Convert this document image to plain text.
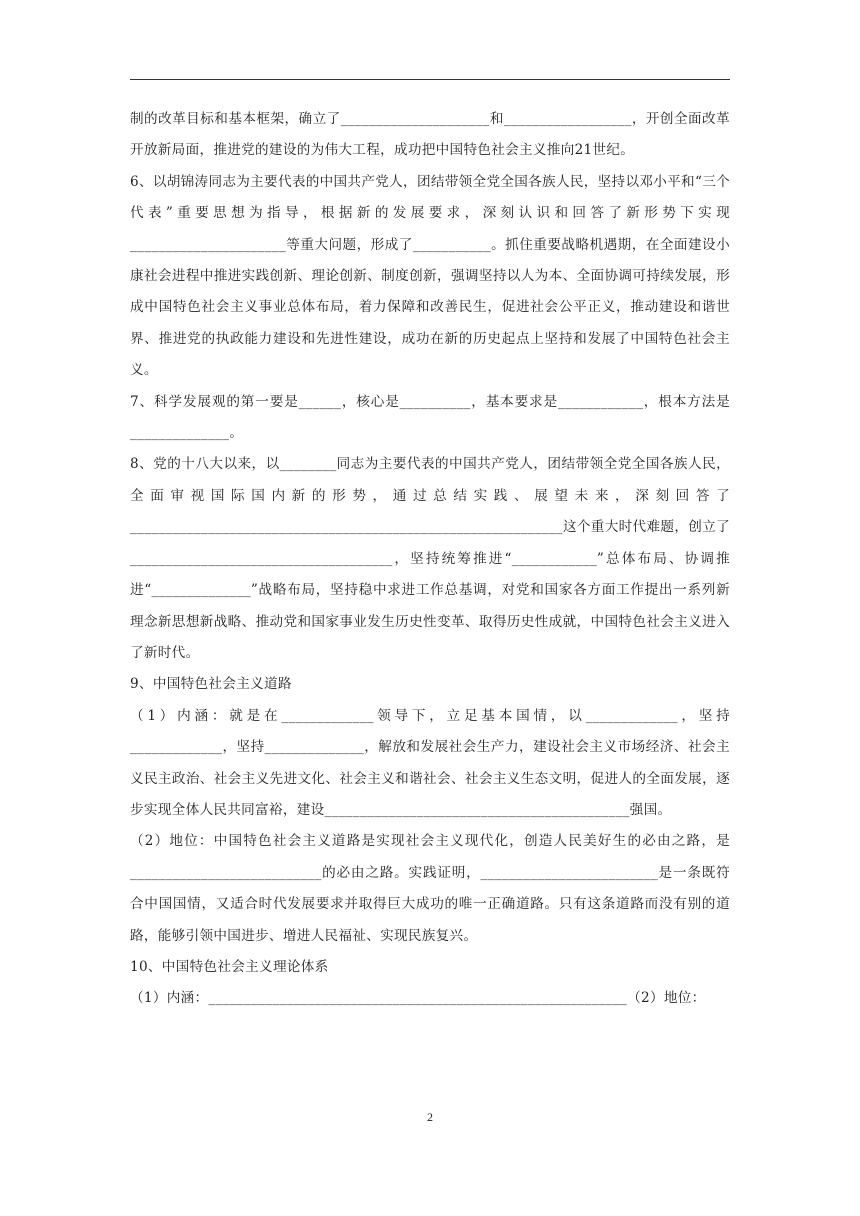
制的改革目标和基本框架，确立了_____________________和__________________，开创全面改革开放新局面，推进党的建设的为伟大工程，成功把中国特色社会主义推向21世纪。

6、以胡锦涛同志为主要代表的中国共产党人，团结带领全党全国各族人民，坚持以邓小平和“三个代表”重要思想为指导，根据新的发展要求，深刻认识和回答了新形势下实现______________________等重大问题，形成了___________。抓住重要战略机遇期，在全面建设小康社会进程中推进实践创新、理论创新、制度创新，强调坚持以人为本、全面协调可持续发展，形成中国特色社会主义事业总体布局，着力保障和改善民生，促进社会公平正义，推动建设和谐世界、推进党的执政能力建设和先进性建设，成功在新的历史起点上坚持和发展了中国特色社会主义。

7、科学发展观的第一要是______，核心是__________，基本要求是____________，根本方法是______________。

8、党的十八大以来，以________同志为主要代表的中国共产党人，团结带领全党全国各族人民，全面审视国际国内新的形势，通过总结实践、展望未来，深刻回答了_____________________________________________________________这个重大时代难题，创立了_____________________________________，坚持统筹推进“____________”总体布局、协调推进“______________”战略布局，坚持稳中求进工作总基调，对党和国家各方面工作提出一系列新理念新思想新战略、推动党和国家事业发生历史性变革、取得历史性成就，中国特色社会主义进入了新时代。

9、中国特色社会主义道路

（1）内涵：就是在_____________领导下，立足基本国情，以_____________，坚持_____________，坚持______________，解放和发展社会生产力，建设社会主义市场经济、社会主义民主政治、社会主义先进文化、社会主义和谐社会、社会主义生态文明，促进人的全面发展，逐步实现全体人民共同富裕，建设___________________________________________强国。

（2）地位：中国特色社会主义道路是实现社会主义现代化，创造人民美好生的必由之路，是___________________________的必由之路。实践证明，_________________________是一条既符合中国国情，又适合时代发展要求并取得巨大成功的唯一正确道路。只有这条道路而没有别的道路，能够引领中国进步、增进人民福祉、实现民族复兴。

10、中国特色社会主义理论体系

（1）内涵：___________________________________________________________（2）地位：

2
